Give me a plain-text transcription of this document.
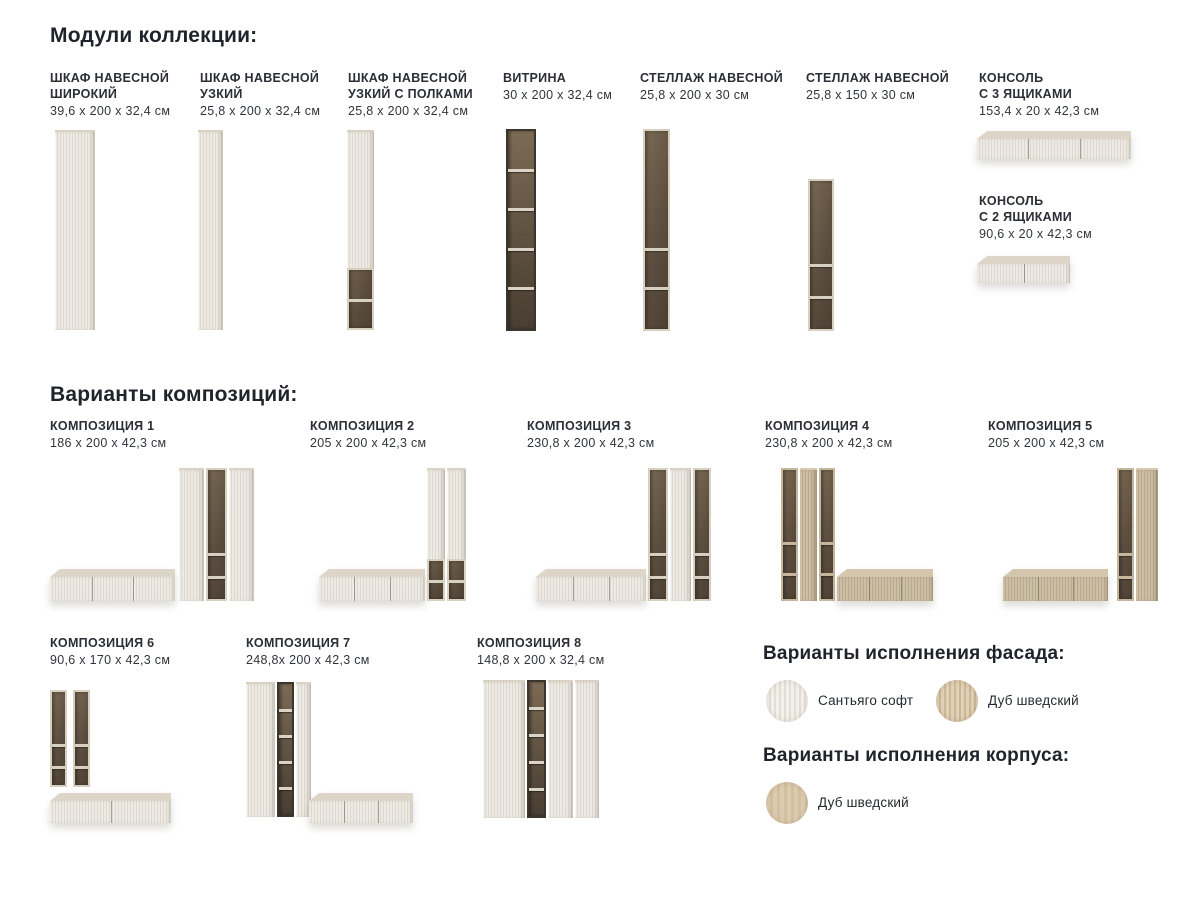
Модули коллекции:
Варианты композиций:
ШКАФ НАВЕСНОЙ
ШИРОКИЙ
39,6 x 200 x 32,4 см
ШКАФ НАВЕСНОЙ
УЗКИЙ
25,8 x 200 x 32,4 см
ШКАФ НАВЕСНОЙ
УЗКИЙ С ПОЛКАМИ
25,8 x 200 x 32,4 см
ВИТРИНА
30 x 200 x 32,4 см
СТЕЛЛАЖ НАВЕСНОЙ
25,8 x 200 x 30 см
СТЕЛЛАЖ НАВЕСНОЙ
25,8 x 150 x 30 см
КОНСОЛЬ
С 3 ЯЩИКАМИ
153,4 x 20 x 42,3 см
КОНСОЛЬ
С 2 ЯЩИКАМИ
90,6 x 20 x 42,3 см
КОМПОЗИЦИЯ 1
186 x 200 x 42,3 см
КОМПОЗИЦИЯ 2
205 x 200 x 42,3 см
КОМПОЗИЦИЯ 3
230,8 x 200 x 42,3 см
КОМПОЗИЦИЯ 4
230,8 x 200 x 42,3 см
КОМПОЗИЦИЯ 5
205 x 200 x 42,3 см
КОМПОЗИЦИЯ 6
90,6 x 170 x 42,3 см
КОМПОЗИЦИЯ 7
248,8x 200 x 42,3 см
КОМПОЗИЦИЯ 8
148,8 x 200 x 32,4 см	Варианты исполнения фасада:
Сантьяго софт	Дуб шведский
Варианты исполнения корпуса:
Дуб шведский
